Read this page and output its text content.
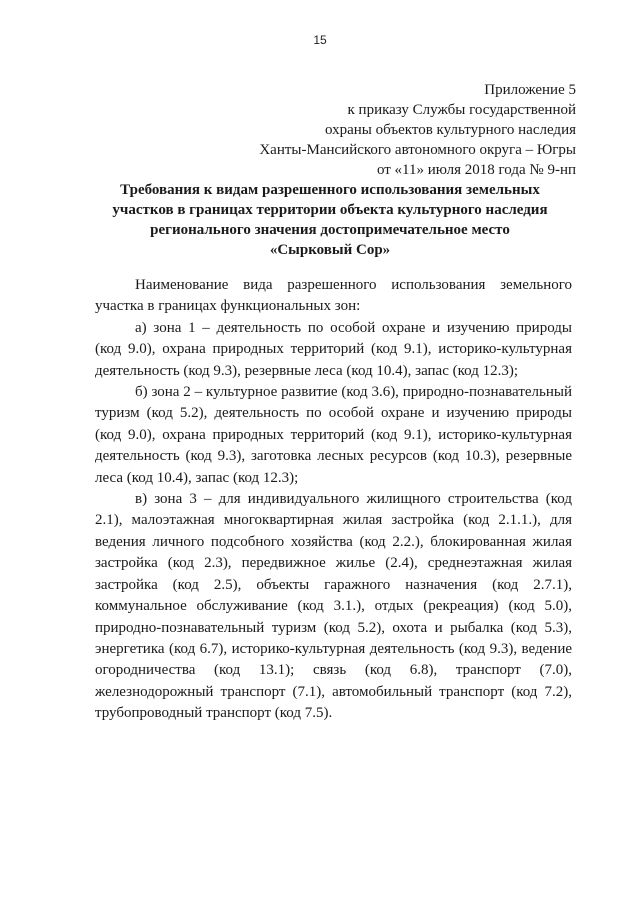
15
Приложение 5
к приказу Службы государственной
охраны объектов культурного наследия
Ханты-Мансийского автономного округа – Югры
от «11» июля 2018 года № 9-нп
Требования к видам разрешенного использования земельных
участков в границах территории объекта культурного наследия
регионального значения достопримечательное место
«Сырковый Сор»

Наименование вида разрешенного использования земельного участка в границах функциональных зон:

а) зона 1 – деятельность по особой охране и изучению природы (код 9.0), охрана природных территорий (код 9.1), историко-культурная деятельность (код 9.3), резервные леса (код 10.4), запас (код 12.3);

б) зона 2 – культурное развитие (код 3.6), природно-познавательный туризм (код 5.2), деятельность по особой охране и изучению природы (код 9.0), охрана природных территорий (код 9.1), историко-культурная деятельность (код 9.3), заготовка лесных ресурсов (код 10.3), резервные леса (код 10.4), запас (код 12.3);

в) зона 3 – для индивидуального жилищного строительства (код 2.1), малоэтажная многоквартирная жилая застройка (код 2.1.1.), для ведения личного подсобного хозяйства (код 2.2.), блокированная жилая застройка (код 2.3), передвижное жилье (2.4), среднеэтажная жилая застройка (код 2.5), объекты гаражного назначения (код 2.7.1), коммунальное обслуживание (код 3.1.), отдых (рекреация) (код 5.0), природно-познавательный туризм (код 5.2), охота и рыбалка (код 5.3), энергетика (код 6.7), историко-культурная деятельность (код 9.3), ведение огородничества (код 13.1); связь (код 6.8), транспорт (7.0), железнодорожный транспорт (7.1), автомобильный транспорт (код 7.2), трубопроводный транспорт (код 7.5).
